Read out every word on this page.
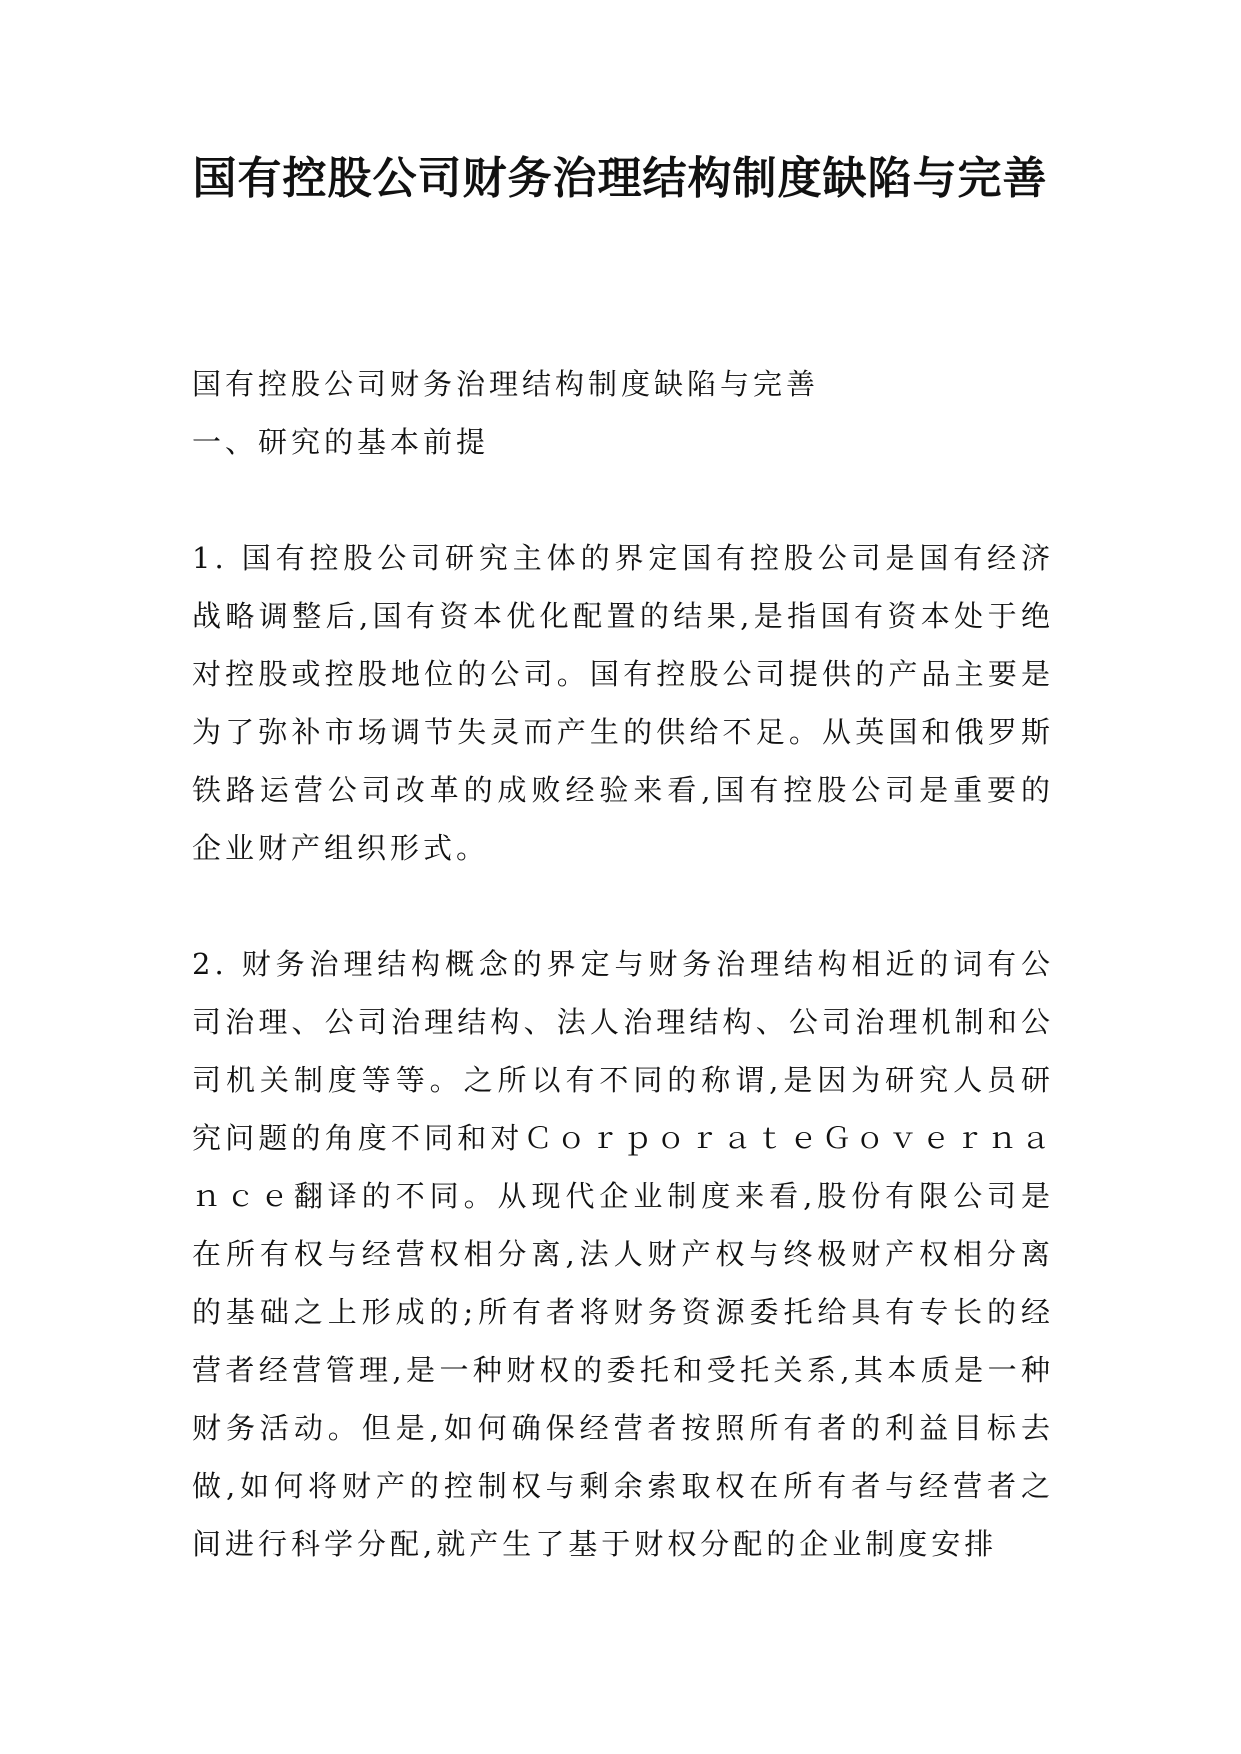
国有控股公司财务治理结构制度缺陷与完善

国有控股公司财务治理结构制度缺陷与完善

一、研究的基本前提

1. 国有控股公司研究主体的界定国有控股公司是国有经济战略调整后,国有资本优化配置的结果,是指国有资本处于绝对控股或控股地位的公司。国有控股公司提供的产品主要是为了弥补市场调节失灵而产生的供给不足。从英国和俄罗斯铁路运营公司改革的成败经验来看,国有控股公司是重要的企业财产组织形式。

2. 财务治理结构概念的界定与财务治理结构相近的词有公司治理、公司治理结构、法人治理结构、公司治理机制和公司机关制度等等。之所以有不同的称谓,是因为研究人员研究问题的角度不同和对ＣｏｒｐｏｒａｔｅＧｏｖｅｒｎａｎｃｅ翻译的不同。从现代企业制度来看,股份有限公司是在所有权与经营权相分离,法人财产权与终极财产权相分离的基础之上形成的;所有者将财务资源委托给具有专长的经营者经营管理,是一种财权的委托和受托关系,其本质是一种财务活动。但是,如何确保经营者按照所有者的利益目标去做,如何将财产的控制权与剩余索取权在所有者与经营者之间进行科学分配,就产生了基于财权分配的企业制度安排
